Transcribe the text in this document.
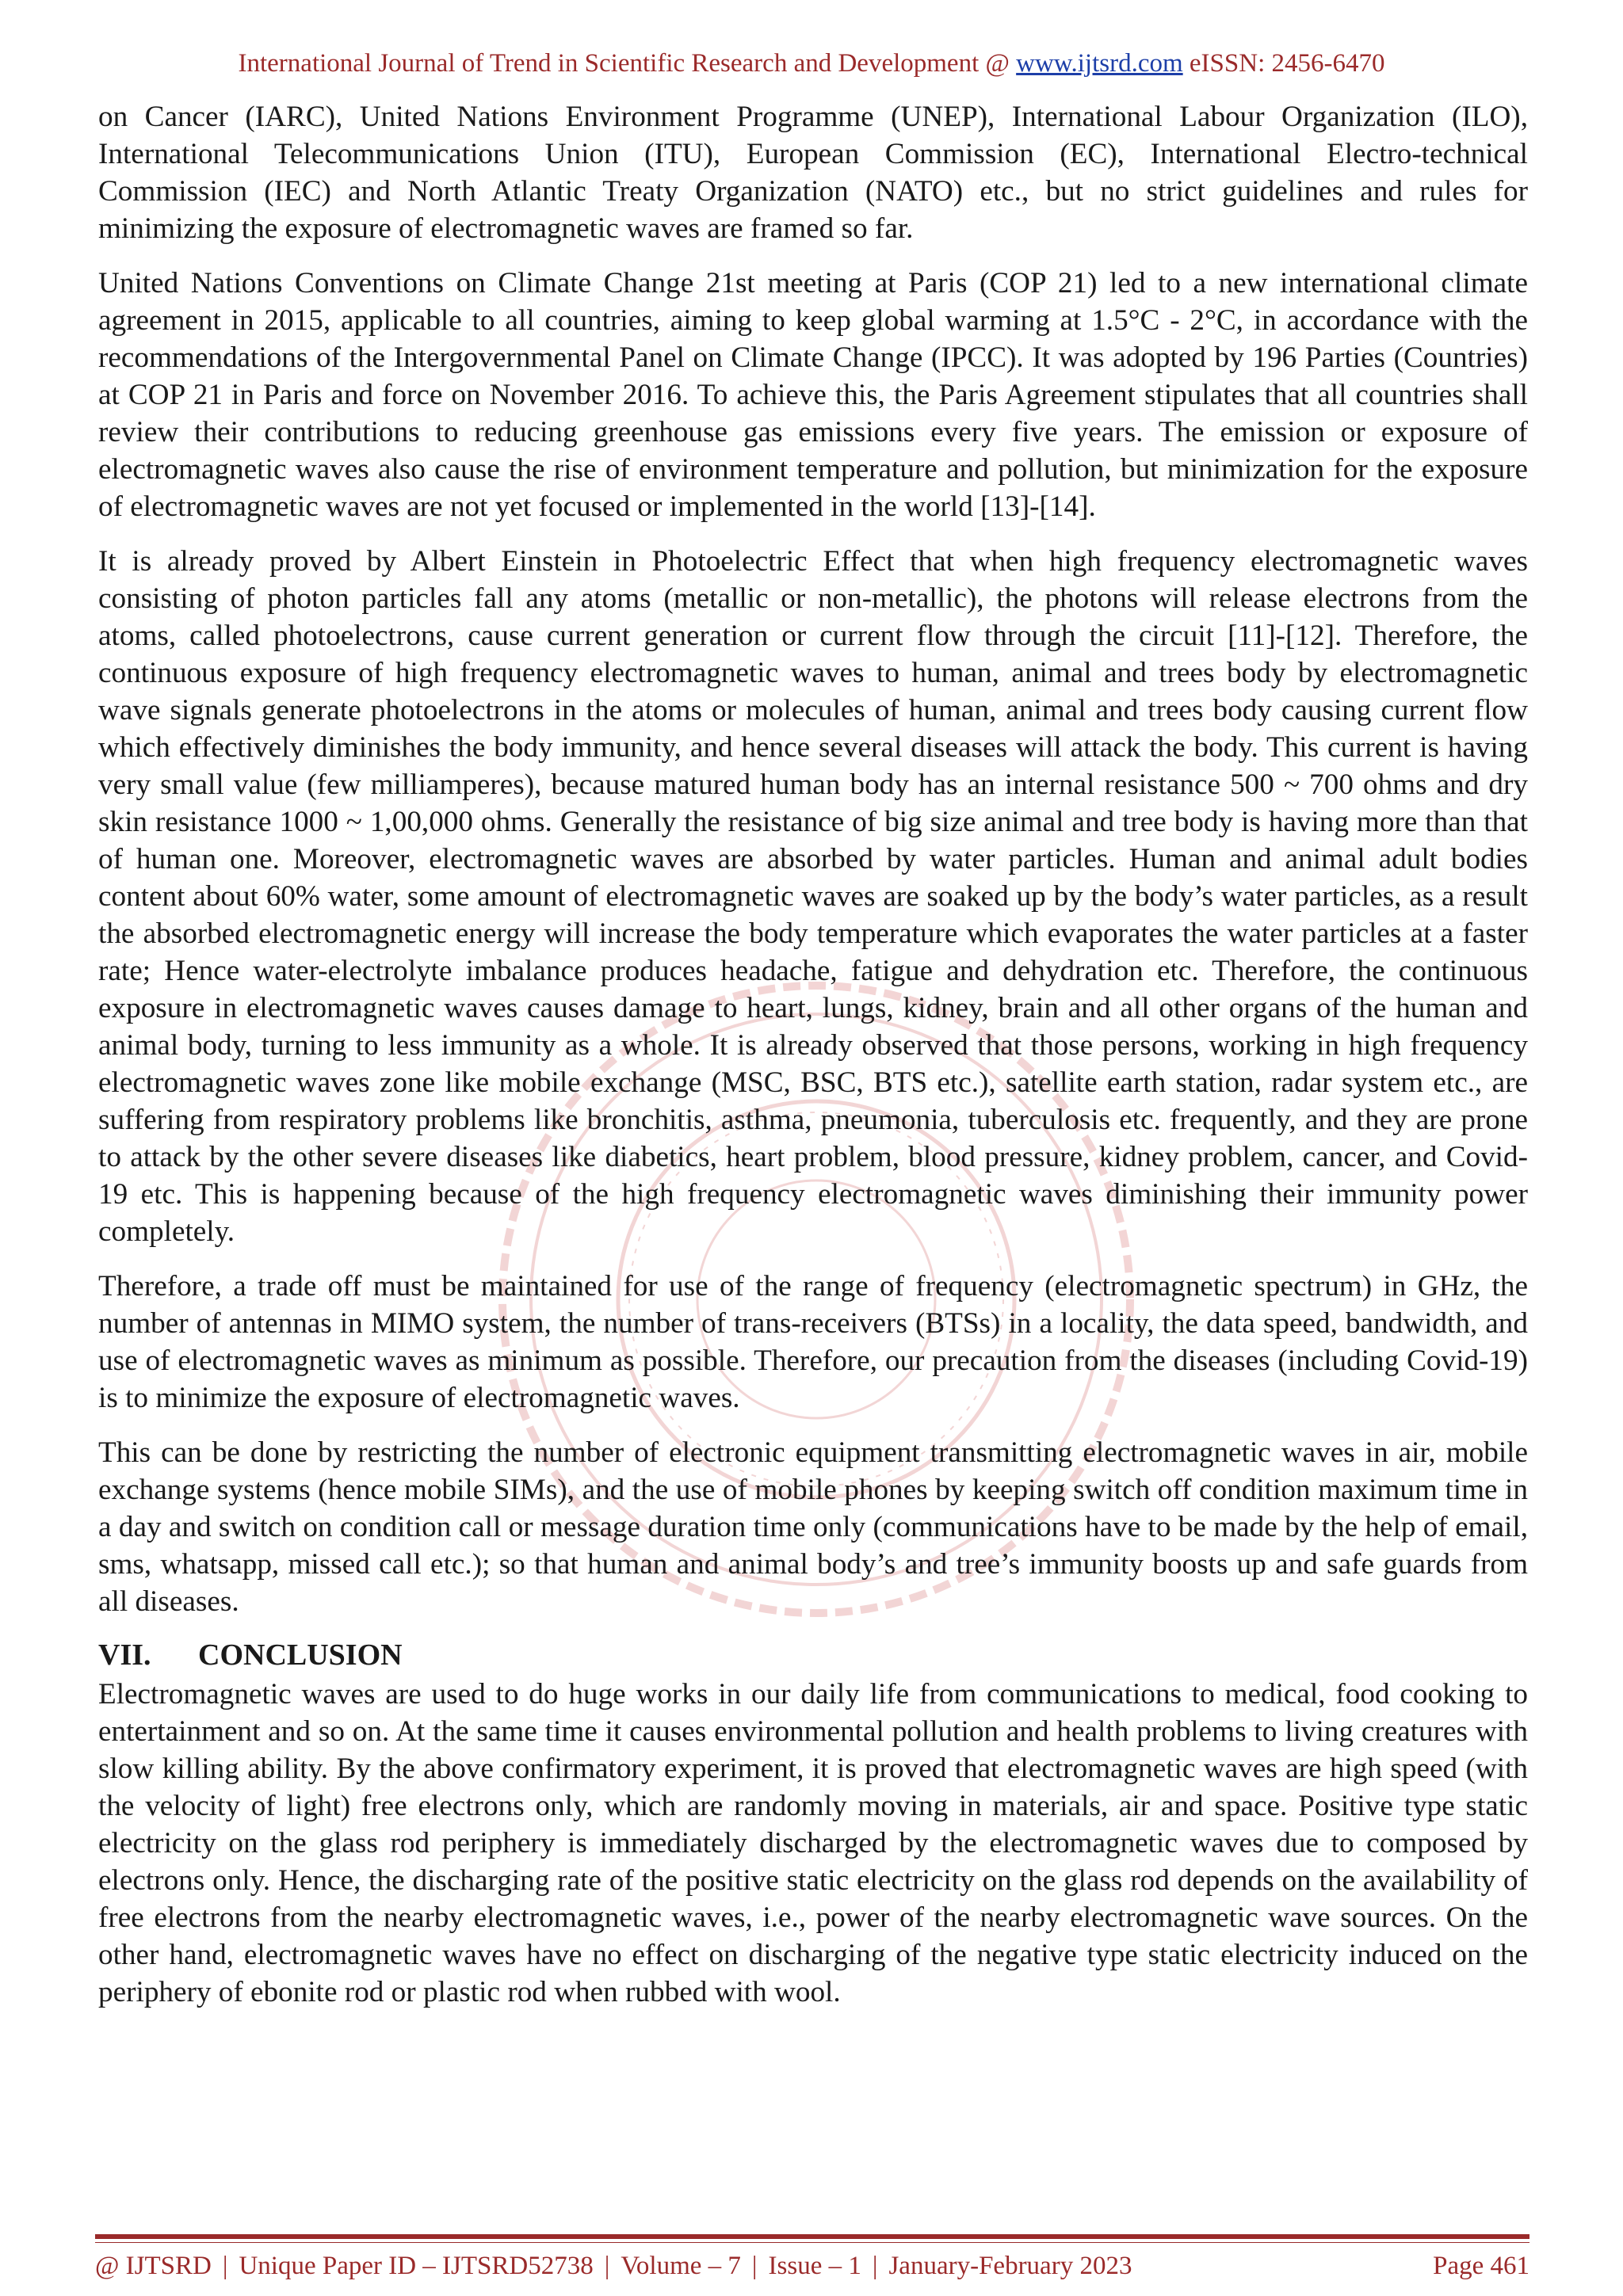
International Journal of Trend in Scientific Research and Development @ www.ijtsrd.com eISSN: 2456-6470

on Cancer (IARC), United Nations Environment Programme (UNEP), International Labour Organization (ILO), International Telecommunications Union (ITU), European Commission (EC), International Electro-technical Commission (IEC) and North Atlantic Treaty Organization (NATO) etc., but no strict guidelines and rules for minimizing the exposure of electromagnetic waves are framed so far.

United Nations Conventions on Climate Change 21st meeting at Paris (COP 21) led to a new international climate agreement in 2015, applicable to all countries, aiming to keep global warming at 1.5°C - 2°C, in accordance with the recommendations of the Intergovernmental Panel on Climate Change (IPCC). It was adopted by 196 Parties (Countries) at COP 21 in Paris and force on November 2016. To achieve this, the Paris Agreement stipulates that all countries shall review their contributions to reducing greenhouse gas emissions every five years. The emission or exposure of electromagnetic waves also cause the rise of environment temperature and pollution, but minimization for the exposure of electromagnetic waves are not yet focused or implemented in the world [13]-[14].

It is already proved by Albert Einstein in Photoelectric Effect that when high frequency electromagnetic waves consisting of photon particles fall any atoms (metallic or non-metallic), the photons will release electrons from the atoms, called photoelectrons, cause current generation or current flow through the circuit [11]-[12]. Therefore, the continuous exposure of high frequency electromagnetic waves to human, animal and trees body by electromagnetic wave signals generate photoelectrons in the atoms or molecules of human, animal and trees body causing current flow which effectively diminishes the body immunity, and hence several diseases will attack the body. This current is having very small value (few milliamperes), because matured human body has an internal resistance 500 ~ 700 ohms and dry skin resistance 1000 ~ 1,00,000 ohms. Generally the resistance of big size animal and tree body is having more than that of human one. Moreover, electromagnetic waves are absorbed by water particles. Human and animal adult bodies content about 60% water, some amount of electromagnetic waves are soaked up by the body’s water particles, as a result the absorbed electromagnetic energy will increase the body temperature which evaporates the water particles at a faster rate; Hence water-electrolyte imbalance produces headache, fatigue and dehydration etc. Therefore, the continuous exposure in electromagnetic waves causes damage to heart, lungs, kidney, brain and all other organs of the human and animal body, turning to less immunity as a whole. It is already observed that those persons, working in high frequency electromagnetic waves zone like mobile exchange (MSC, BSC, BTS etc.), satellite earth station, radar system etc., are suffering from respiratory problems like bronchitis, asthma, pneumonia, tuberculosis etc. frequently, and they are prone to attack by the other severe diseases like diabetics, heart problem, blood pressure, kidney problem, cancer, and Covid-19 etc. This is happening because of the high frequency electromagnetic waves diminishing their immunity power completely.

Therefore, a trade off must be maintained for use of the range of frequency (electromagnetic spectrum) in GHz, the number of antennas in MIMO system, the number of trans-receivers (BTSs) in a locality, the data speed, bandwidth, and use of electromagnetic waves as minimum as possible. Therefore, our precaution from the diseases (including Covid-19) is to minimize the exposure of electromagnetic waves.

This can be done by restricting the number of electronic equipment transmitting electromagnetic waves in air, mobile exchange systems (hence mobile SIMs), and the use of mobile phones by keeping switch off condition maximum time in a day and switch on condition call or message duration time only (communications have to be made by the help of email, sms, whatsapp, missed call etc.); so that human and animal body’s and tree’s immunity boosts up and safe guards from all diseases.

VII. CONCLUSION

Electromagnetic waves are used to do huge works in our daily life from communications to medical, food cooking to entertainment and so on. At the same time it causes environmental pollution and health problems to living creatures with slow killing ability. By the above confirmatory experiment, it is proved that electromagnetic waves are high speed (with the velocity of light) free electrons only, which are randomly moving in materials, air and space. Positive type static electricity on the glass rod periphery is immediately discharged by the electromagnetic waves due to composed by electrons only. Hence, the discharging rate of the positive static electricity on the glass rod depends on the availability of free electrons from the nearby electromagnetic waves, i.e., power of the nearby electromagnetic wave sources. On the other hand, electromagnetic waves have no effect on discharging of the negative type static electricity induced on the periphery of ebonite rod or plastic rod when rubbed with wool.

@ IJTSRD | Unique Paper ID – IJTSRD52738 | Volume – 7 | Issue – 1 | January-February 2023	Page 461
